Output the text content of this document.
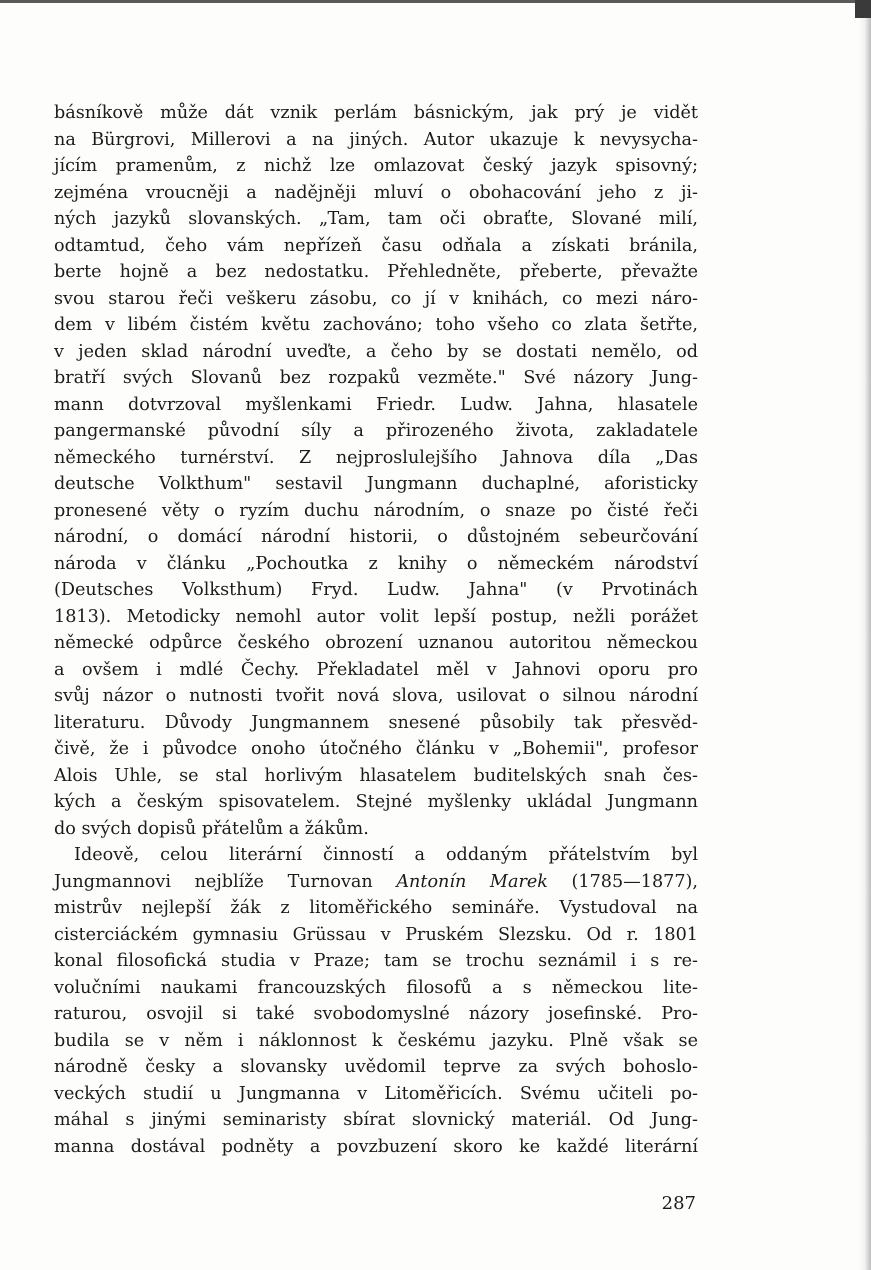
básníkově může dát vznik perlám básnickým, jak prý je vidět
na Bürgrovi, Millerovi a na jiných. Autor ukazuje k nevysycha-
jícím pramenům, z nichž lze omlazovat český jazyk spisovný;
zejména vroucněji a nadějněji mluví o obohacování jeho z ji-
ných jazyků slovanských. „Tam, tam oči obraťte, Slované milí,
odtamtud, čeho vám nepřízeň času odňala a získati bránila,
berte hojně a bez nedostatku. Přehledněte, přeberte, převažte
svou starou řeči veškeru zásobu, co jí v knihách, co mezi náro-
dem v libém čistém květu zachováno; toho všeho co zlata šetřte,
v jeden sklad národní uveďte, a čeho by se dostati nemělo, od
bratří svých Slovanů bez rozpaků vezměte." Své názory Jung-
mann dotvrzoval myšlenkami Friedr. Ludw. Jahna, hlasatele
pangermanské původní síly a přirozeného života, zakladatele
německého turnérství. Z nejproslulejšího Jahnova díla „Das
deutsche Volkthum" sestavil Jungmann duchaplné, aforisticky
pronesené věty o ryzím duchu národním, o snaze po čisté řeči
národní, o domácí národní historii, o důstojném sebeurčování
národa v článku „Pochoutka z knihy o německém národství
(Deutsches Volksthum) Fryd. Ludw. Jahna" (v Prvotinách
1813). Metodicky nemohl autor volit lepší postup, nežli porážet
německé odpůrce českého obrození uznanou autoritou německou
a ovšem i mdlé Čechy. Překladatel měl v Jahnovi oporu pro
svůj názor o nutnosti tvořit nová slova, usilovat o silnou národní
literaturu. Důvody Jungmannem snesené působily tak přesvěd-
čivě, že i původce onoho útočného článku v „Bohemii", profesor
Alois Uhle, se stal horlivým hlasatelem buditelských snah čes-
kých a českým spisovatelem. Stejné myšlenky ukládal Jungmann
do svých dopisů přátelům a žákům.
Ideově, celou literární činností a oddaným přátelstvím byl
Jungmannovi nejblíže Turnovan Antonín Marek (1785—1877),
mistrův nejlepší žák z litoměřického semináře. Vystudoval na
cisterciáckém gymnasiu Grüssau v Pruském Slezsku. Od r. 1801
konal filosofická studia v Praze; tam se trochu seznámil i s re-
volučními naukami francouzských filosofů a s německou lite-
raturou, osvojil si také svobodomyslné názory josefinské. Pro-
budila se v něm i náklonnost k českému jazyku. Plně však se
národně česky a slovansky uvědomil teprve za svých bohoslo-
veckých studií u Jungmanna v Litoměřicích. Svému učiteli po-
máhal s jinými seminaristy sbírat slovnický materiál. Od Jung-
manna dostával podněty a povzbuzení skoro ke každé literární
287
